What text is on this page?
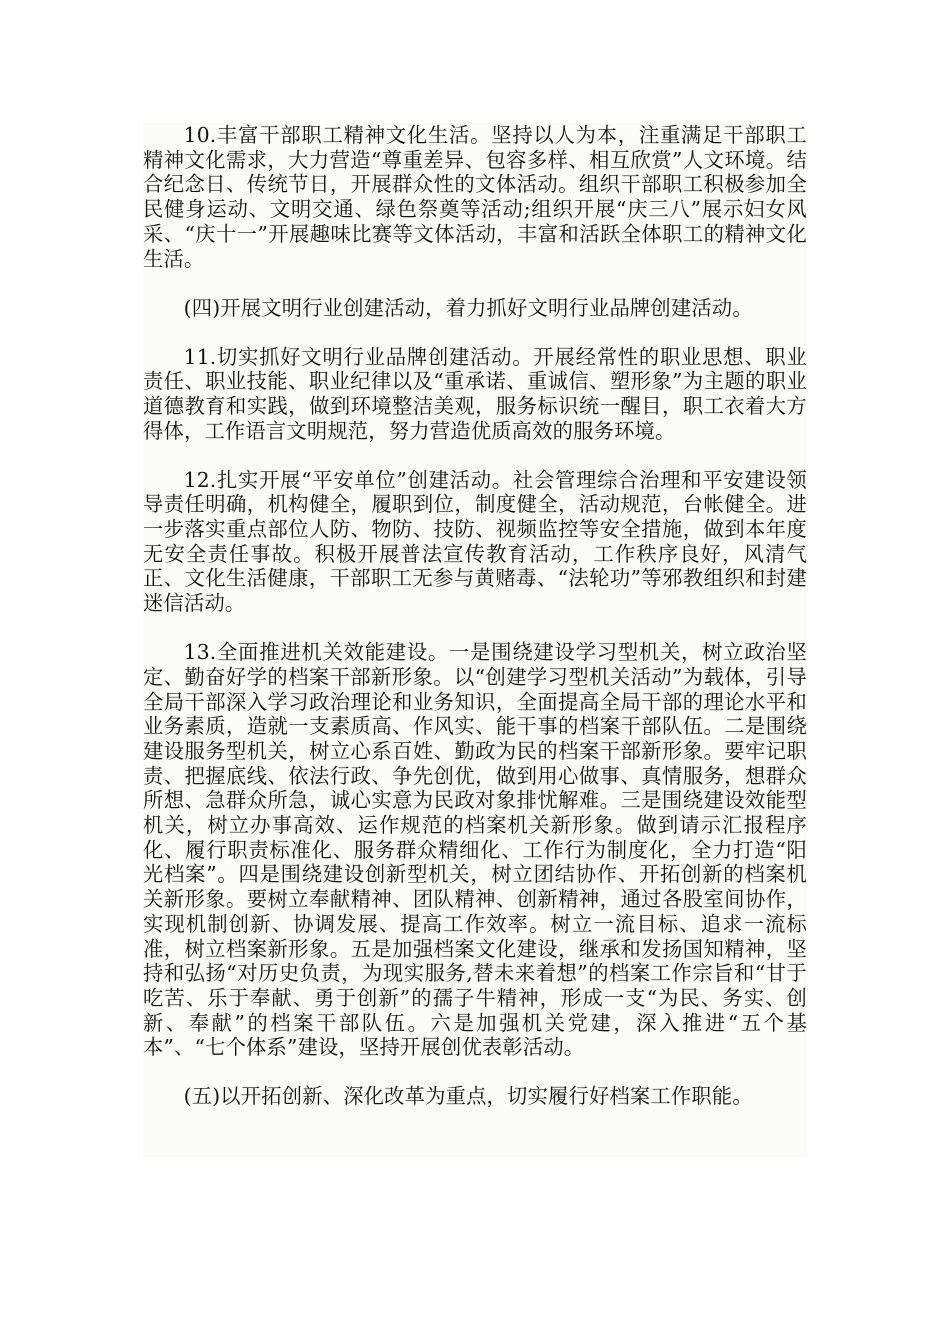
10.丰富干部职工精神文化生活。坚持以人为本，注重满足干部职工精神文化需求，大力营造“尊重差异、包容多样、相互欣赏”人文环境。结合纪念日、传统节日，开展群众性的文体活动。组织干部职工积极参加全民健身运动、文明交通、绿色祭奠等活动;组织开展“庆三八”展示妇女风采、“庆十一”开展趣味比赛等文体活动，丰富和活跃全体职工的精神文化生活。

(四)开展文明行业创建活动，着力抓好文明行业品牌创建活动。

11.切实抓好文明行业品牌创建活动。开展经常性的职业思想、职业责任、职业技能、职业纪律以及“重承诺、重诚信、塑形象”为主题的职业道德教育和实践，做到环境整洁美观，服务标识统一醒目，职工衣着大方得体，工作语言文明规范，努力营造优质高效的服务环境。

12.扎实开展“平安单位”创建活动。社会管理综合治理和平安建设领导责任明确，机构健全，履职到位，制度健全，活动规范，台帐健全。进一步落实重点部位人防、物防、技防、视频监控等安全措施，做到本年度无安全责任事故。积极开展普法宣传教育活动，工作秩序良好，风清气正、文化生活健康，干部职工无参与黄赌毒、“法轮功”等邪教组织和封建迷信活动。

13.全面推进机关效能建设。一是围绕建设学习型机关，树立政治坚定、勤奋好学的档案干部新形象。以“创建学习型机关活动”为载体，引导全局干部深入学习政治理论和业务知识，全面提高全局干部的理论水平和业务素质，造就一支素质高、作风实、能干事的档案干部队伍。二是围绕建设服务型机关，树立心系百姓、勤政为民的档案干部新形象。要牢记职责、把握底线、依法行政、争先创优，做到用心做事、真情服务，想群众所想、急群众所急，诚心实意为民政对象排忧解难。三是围绕建设效能型机关，树立办事高效、运作规范的档案机关新形象。做到请示汇报程序化、履行职责标准化、服务群众精细化、工作行为制度化，全力打造“阳光档案”。四是围绕建设创新型机关，树立团结协作、开拓创新的档案机关新形象。要树立奉献精神、团队精神、创新精神，通过各股室间协作，实现机制创新、协调发展、提高工作效率。树立一流目标、追求一流标准，树立档案新形象。五是加强档案文化建设，继承和发扬国知精神，坚持和弘扬“对历史负责，为现实服务,替未来着想”的档案工作宗旨和“甘于吃苦、乐于奉献、勇于创新”的孺子牛精神，形成一支“为民、务实、创新、奉献”的档案干部队伍。六是加强机关党建，深入推进“五个基本”、“七个体系”建设，坚持开展创优表彰活动。

(五)以开拓创新、深化改革为重点，切实履行好档案工作职能。
